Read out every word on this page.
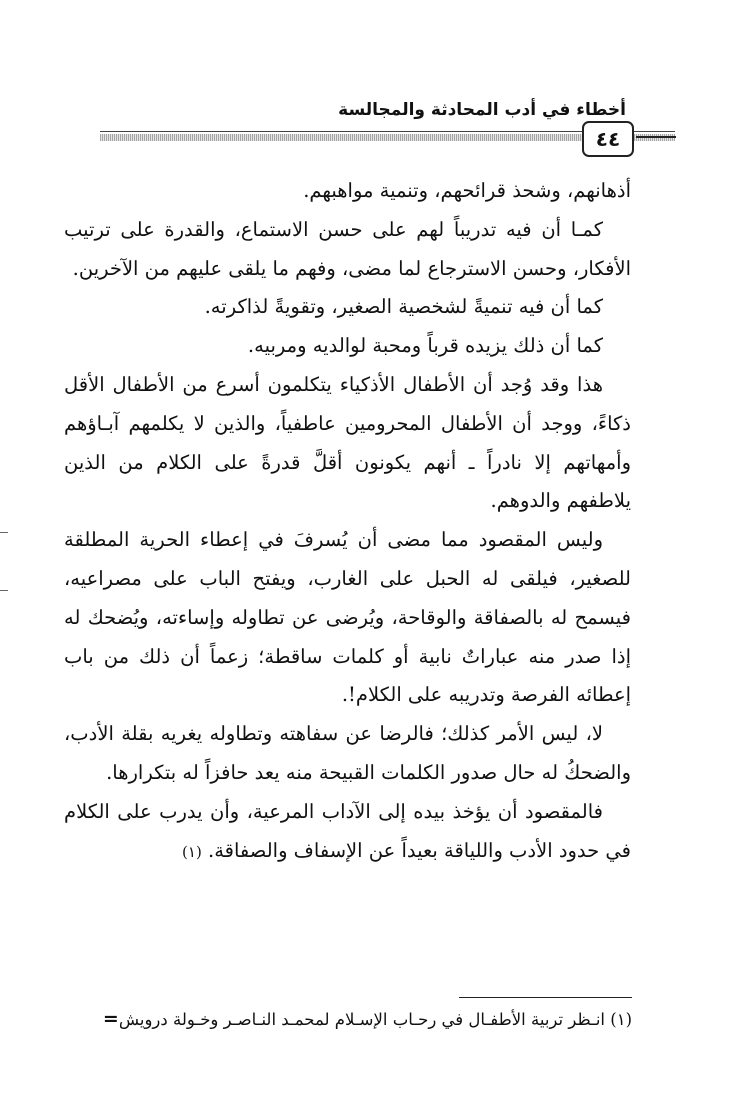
أخطاء في أدب المحادثة والمجالسة
٤٤

أذهانهم، وشحذ قرائحهم، وتنمية مواهبهم.

كمـا أن فيه تدريباً لهم على حسن الاستماع، والقدرة على ترتيب الأفكار، وحسن الاسترجاع لما مضى، وفهم ما يلقى عليهم من الآخرين.

كما أن فيه تنميةً لشخصية الصغير، وتقويةً لذاكرته.

كما أن ذلك يزيده قرباً ومحبة لوالديه ومربيه.

هذا وقد وُجد أن الأطفال الأذكياء يتكلمون أسرع من الأطفال الأقل ذكاءً، ووجد أن الأطفال المحرومين عاطفياً، والذين لا يكلمهم آبـاؤهم وأمهاتهم إلا نادراً ـ أنهم يكونون أقلَّ قدرةً على الكلام من الذين يلاطفهم والدوهم.

وليس المقصود مما مضى أن يُسرفَ في إعطاء الحرية المطلقة للصغير، فيلقى له الحبل على الغارب، ويفتح الباب على مصراعيه، فيسمح له بالصفاقة والوقاحة، ويُرضى عن تطاوله وإساءته، ويُضحك له إذا صدر منه عباراتٌ نابية أو كلمات ساقطة؛ زعماً أن ذلك من باب إعطائه الفرصة وتدريبه على الكلام!.

لا، ليس الأمر كذلك؛ فالرضا عن سفاهته وتطاوله يغريه بقلة الأدب، والضحكُ له حال صدور الكلمات القبيحة منه يعد حافزاً له بتكرارها.

فالمقصود أن يؤخذ بيده إلى الآداب المرعية، وأن يدرب على الكلام في حدود الأدب واللياقة بعيداً عن الإسفاف والصفاقة. (١)

(١) انـظر تربية الأطفـال في رحـاب الإسـلام لمحمـد النـاصـر وخـولة درويش=
